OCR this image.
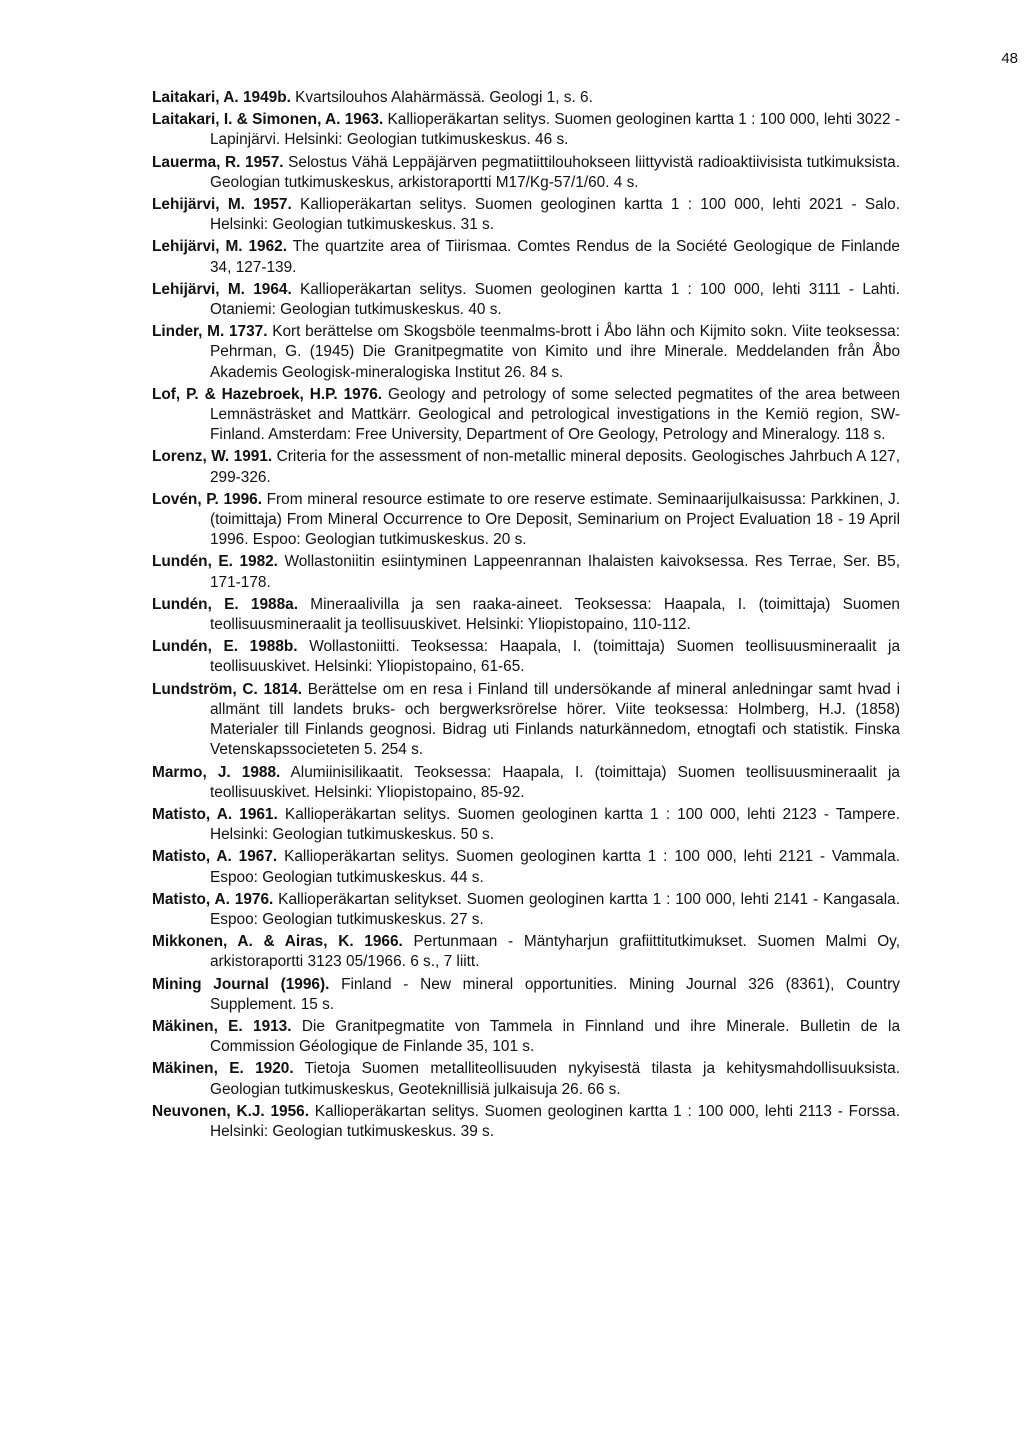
48

Laitakari, A. 1949b. Kvartsilouhos Alahärmässä. Geologi 1, s. 6.

Laitakari, I. & Simonen, A. 1963. Kallioperäkartan selitys. Suomen geologinen kartta 1 : 100 000, lehti 3022 - Lapinjärvi. Helsinki: Geologian tutkimuskeskus. 46 s.

Lauerma, R. 1957. Selostus Vähä Leppäjärven pegmatiittilouhokseen liittyvistä radioaktiivisista tutkimuksista. Geologian tutkimuskeskus, arkistoraportti M17/Kg-57/1/60. 4 s.

Lehijärvi, M. 1957. Kallioperäkartan selitys. Suomen geologinen kartta 1 : 100 000, lehti 2021 - Salo. Helsinki: Geologian tutkimuskeskus. 31 s.

Lehijärvi, M. 1962. The quartzite area of Tiirismaa. Comtes Rendus de la Société Geologique de Finlande 34, 127-139.

Lehijärvi, M. 1964. Kallioperäkartan selitys. Suomen geologinen kartta 1 : 100 000, lehti 3111 - Lahti. Otaniemi: Geologian tutkimuskeskus. 40 s.

Linder, M. 1737. Kort berättelse om Skogsböle teenmalms-brott i Åbo lähn och Kijmito sokn. Viite teoksessa: Pehrman, G. (1945) Die Granitpegmatite von Kimito und ihre Minerale. Meddelanden från Åbo Akademis Geologisk-mineralogiska Institut 26. 84 s.

Lof, P. & Hazebroek, H.P. 1976. Geology and petrology of some selected pegmatites of the area between Lemnästräsket and Mattkärr. Geological and petrological investigations in the Kemiö region, SW-Finland. Amsterdam: Free University, Department of Ore Geology, Petrology and Mineralogy. 118 s.

Lorenz, W. 1991. Criteria for the assessment of non-metallic mineral deposits. Geologisches Jahrbuch A 127, 299-326.

Lovén, P. 1996. From mineral resource estimate to ore reserve estimate. Seminaarijulkaisussa: Parkkinen, J. (toimittaja) From Mineral Occurrence to Ore Deposit, Seminarium on Project Evaluation 18 - 19 April 1996. Espoo: Geologian tutkimuskeskus. 20 s.

Lundén, E. 1982. Wollastoniitin esiintyminen Lappeenrannan Ihalaisten kaivoksessa. Res Terrae, Ser. B5, 171-178.

Lundén, E. 1988a. Mineraalivilla ja sen raaka-aineet. Teoksessa: Haapala, I. (toimittaja) Suomen teollisuusmineraalit ja teollisuuskivet. Helsinki: Yliopistopaino, 110-112.

Lundén, E. 1988b. Wollastoniitti. Teoksessa: Haapala, I. (toimittaja) Suomen teollisuusmineraalit ja teollisuuskivet. Helsinki: Yliopistopaino, 61-65.

Lundström, C. 1814. Berättelse om en resa i Finland till undersökande af mineral anledningar samt hvad i allmänt till landets bruks- och bergwerksrörelse hörer. Viite teoksessa: Holmberg, H.J. (1858) Materialer till Finlands geognosi. Bidrag uti Finlands naturkännedom, etnogtafi och statistik. Finska Vetenskapssocieteten 5. 254 s.

Marmo, J. 1988. Alumiinisilikaatit. Teoksessa: Haapala, I. (toimittaja) Suomen teollisuusmineraalit ja teollisuuskivet. Helsinki: Yliopistopaino, 85-92.

Matisto, A. 1961. Kallioperäkartan selitys. Suomen geologinen kartta 1 : 100 000, lehti 2123 - Tampere. Helsinki: Geologian tutkimuskeskus. 50 s.

Matisto, A. 1967. Kallioperäkartan selitys. Suomen geologinen kartta 1 : 100 000, lehti 2121 - Vammala. Espoo: Geologian tutkimuskeskus. 44 s.

Matisto, A. 1976. Kallioperäkartan selitykset. Suomen geologinen kartta 1 : 100 000, lehti 2141 - Kangasala. Espoo: Geologian tutkimuskeskus. 27 s.

Mikkonen, A. & Airas, K. 1966. Pertunmaan - Mäntyharjun grafiittitutkimukset. Suomen Malmi Oy, arkistoraportti 3123 05/1966. 6 s., 7 liitt.

Mining Journal (1996). Finland - New mineral opportunities. Mining Journal 326 (8361), Country Supplement. 15 s.

Mäkinen, E. 1913. Die Granitpegmatite von Tammela in Finnland und ihre Minerale. Bulletin de la Commission Géologique de Finlande 35, 101 s.

Mäkinen, E. 1920. Tietoja Suomen metalliteollisuuden nykyisestä tilasta ja kehitysmahdollisuuksista. Geologian tutkimuskeskus, Geoteknillisiä julkaisuja 26. 66 s.

Neuvonen, K.J. 1956. Kallioperäkartan selitys. Suomen geologinen kartta 1 : 100 000, lehti 2113 - Forssa. Helsinki: Geologian tutkimuskeskus. 39 s.
